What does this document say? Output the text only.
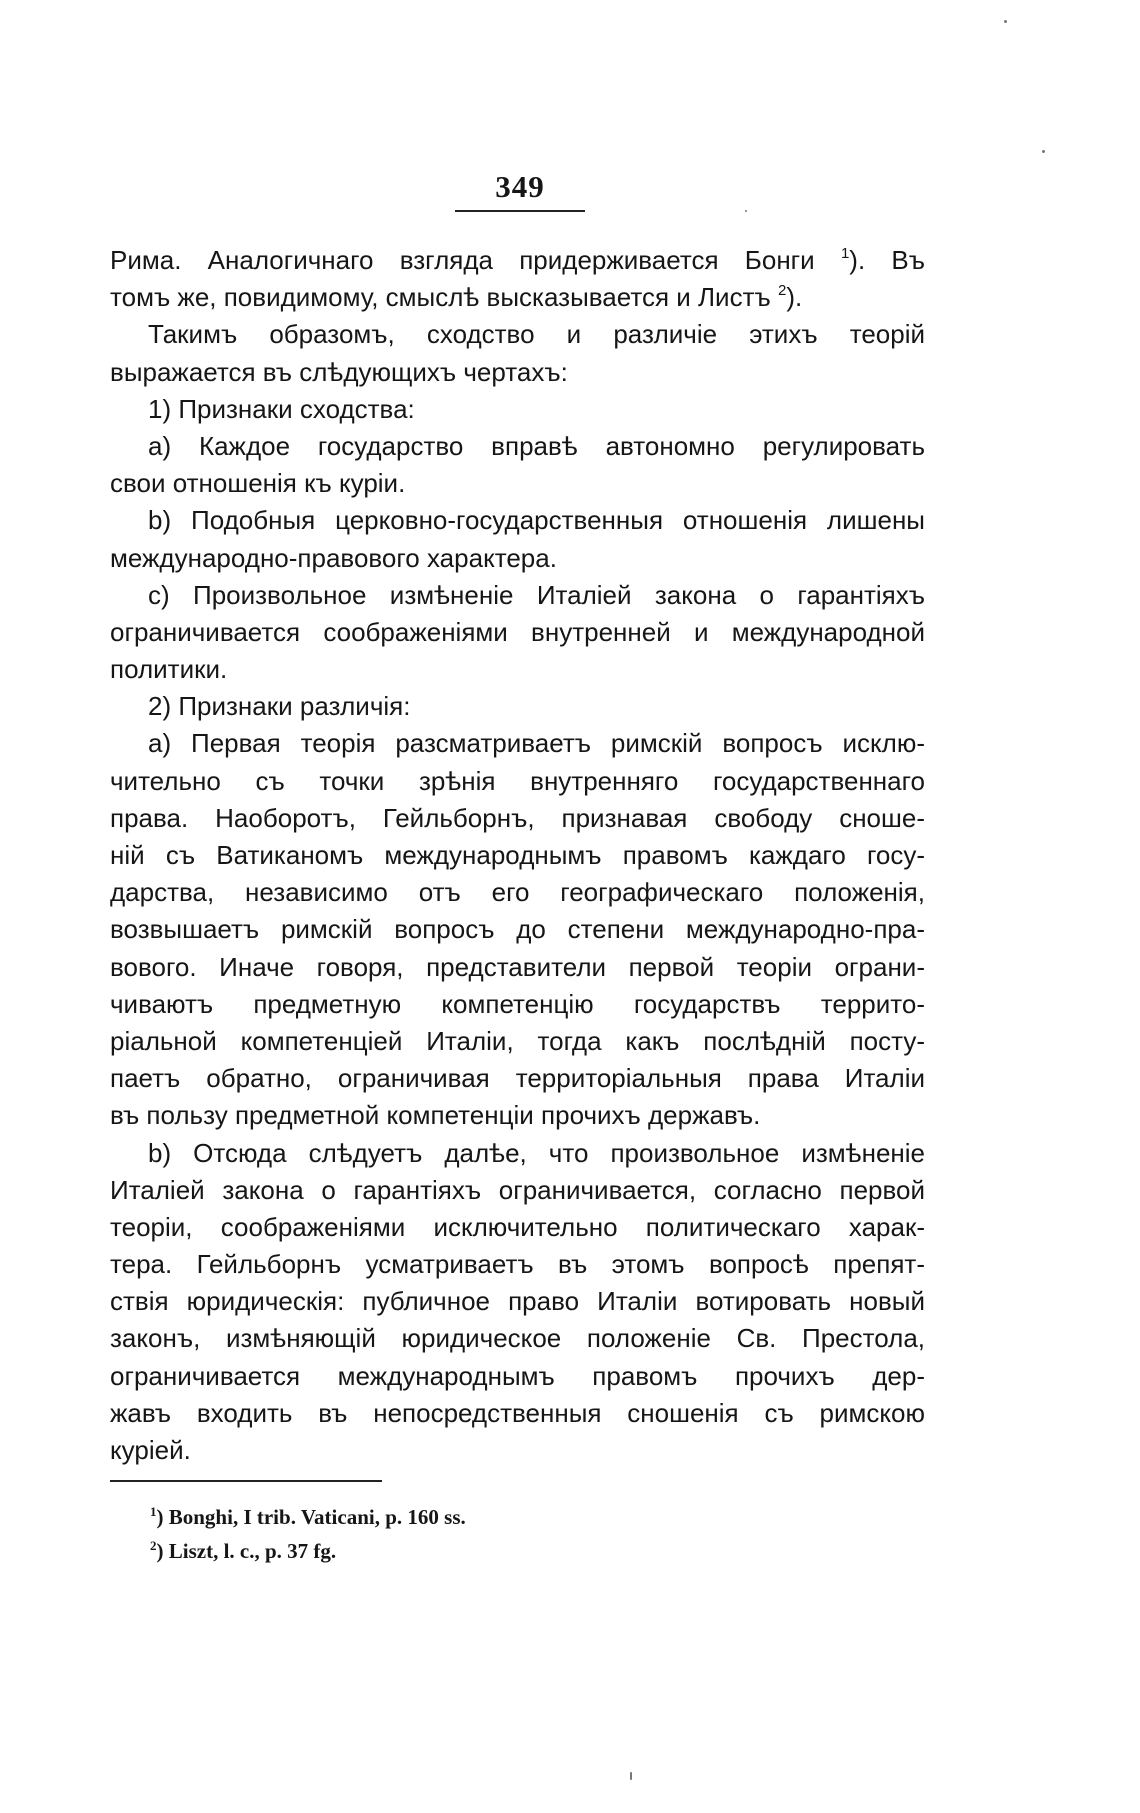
349
Рима. Аналогичнаго взгляда придерживается Бонги $^1$). Въ
томъ же, повидимому, смыслѣ высказывается и Листъ $^2$).
Такимъ образомъ, сходство и различіе этихъ теорій
выражается въ слѣдующихъ чертахъ:
1) Признаки сходства:
a) Каждое государство вправѣ автономно регулировать
свои отношенія къ куріи.
b) Подобныя церковно-государственныя отношенія лишены
международно-правового характера.
c) Произвольное измѣненіе Италіей закона о гарантіяхъ
ограничивается соображеніями внутренней и международной
политики.
2) Признаки различія:
a) Первая теорія разсматриваетъ римскій вопросъ исклю-
чительно съ точки зрѣнія внутренняго государственнаго
права. Наоборотъ, Гейльборнъ, признавая свободу сноше-
ній съ Ватиканомъ международнымъ правомъ каждаго госу-
дарства, независимо отъ его географическаго положенія,
возвышаетъ римскій вопросъ до степени международно-пра-
вового. Иначе говоря, представители первой теоріи ограни-
чиваютъ предметную компетенцію государствъ террито-
ріальной компетенціей Италіи, тогда какъ послѣдній посту-
паетъ обратно, ограничивая территоріальныя права Италіи
въ пользу предметной компетенціи прочихъ державъ.
b) Отсюда слѣдуетъ далѣе, что произвольное измѣненіе
Италіей закона о гарантіяхъ ограничивается, согласно первой
теоріи, соображеніями исключительно политическаго харак-
тера. Гейльборнъ усматриваетъ въ этомъ вопросѣ препят-
ствія юридическія: публичное право Италіи вотировать новый
законъ, измѣняющій юридическое положеніе Св. Престола,
ограничивается международнымъ правомъ прочихъ дер-
жавъ входить въ непосредственныя сношенія съ римскою
куріей.
$^1$) Bonghi, I trib. Vaticani, p. 160 ss.
$^2$) Liszt, l. c., p. 37 fg.
